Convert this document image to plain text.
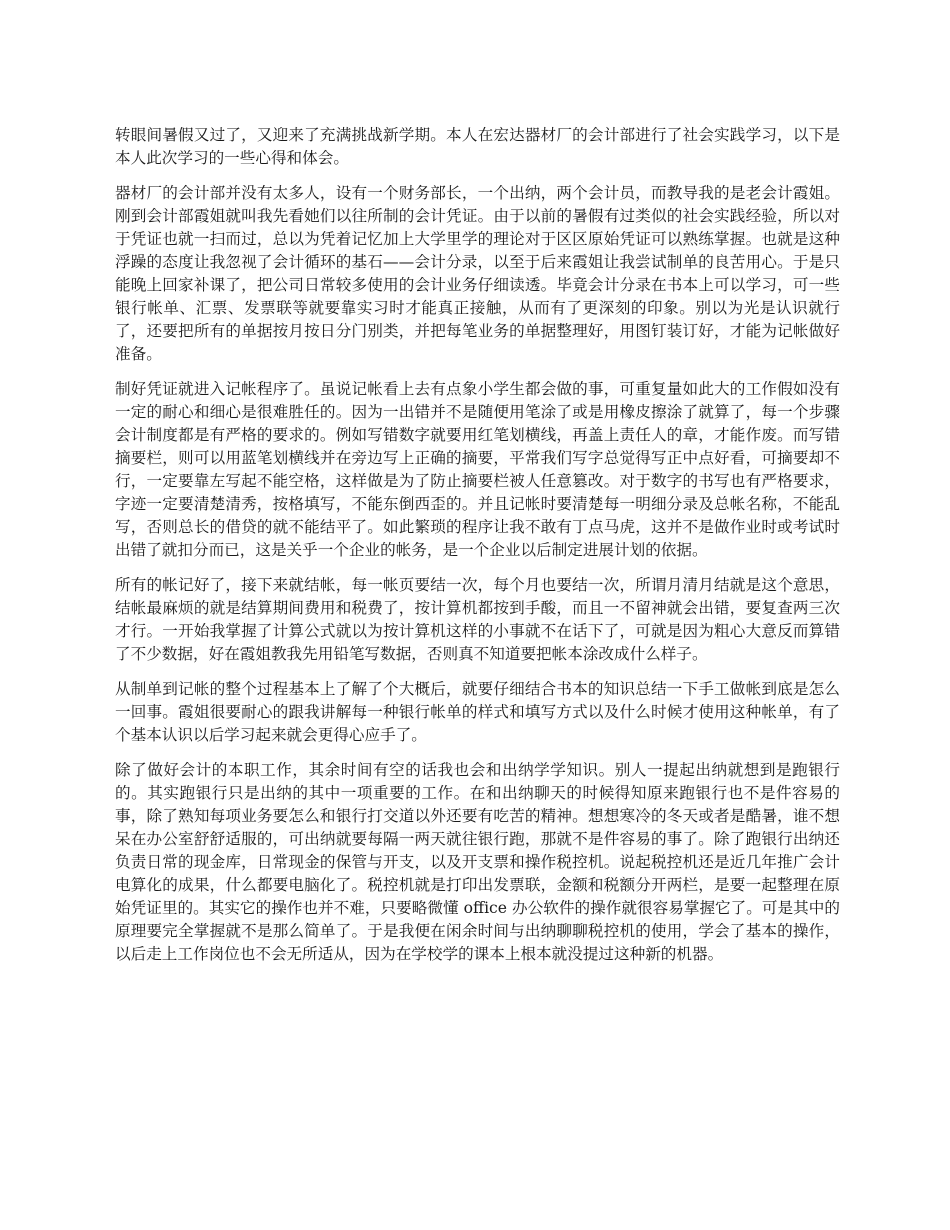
转眼间暑假又过了，又迎来了充满挑战新学期。本人在宏达器材厂的会计部进行了社会实践学习，以下是本人此次学习的一些心得和体会。

器材厂的会计部并没有太多人，设有一个财务部长，一个出纳，两个会计员，而教导我的是老会计霞姐。刚到会计部霞姐就叫我先看她们以往所制的会计凭证。由于以前的暑假有过类似的社会实践经验，所以对于凭证也就一扫而过，总以为凭着记忆加上大学里学的理论对于区区原始凭证可以熟练掌握。也就是这种浮躁的态度让我忽视了会计循环的基石——会计分录，以至于后来霞姐让我尝试制单的良苦用心。于是只能晚上回家补课了，把公司日常较多使用的会计业务仔细读透。毕竟会计分录在书本上可以学习，可一些银行帐单、汇票、发票联等就要靠实习时才能真正接触，从而有了更深刻的印象。别以为光是认识就行了，还要把所有的单据按月按日分门别类，并把每笔业务的单据整理好，用图钉装订好，才能为记帐做好准备。

制好凭证就进入记帐程序了。虽说记帐看上去有点象小学生都会做的事，可重复量如此大的工作假如没有一定的耐心和细心是很难胜任的。因为一出错并不是随便用笔涂了或是用橡皮擦涂了就算了，每一个步骤会计制度都是有严格的要求的。例如写错数字就要用红笔划横线，再盖上责任人的章，才能作废。而写错摘要栏，则可以用蓝笔划横线并在旁边写上正确的摘要，平常我们写字总觉得写正中点好看，可摘要却不行，一定要靠左写起不能空格，这样做是为了防止摘要栏被人任意篡改。对于数字的书写也有严格要求，字迹一定要清楚清秀，按格填写，不能东倒西歪的。并且记帐时要清楚每一明细分录及总帐名称，不能乱写，否则总长的借贷的就不能结平了。如此繁琐的程序让我不敢有丁点马虎，这并不是做作业时或考试时出错了就扣分而已，这是关乎一个企业的帐务，是一个企业以后制定进展计划的依据。

所有的帐记好了，接下来就结帐，每一帐页要结一次，每个月也要结一次，所谓月清月结就是这个意思，结帐最麻烦的就是结算期间费用和税费了，按计算机都按到手酸，而且一不留神就会出错，要复查两三次才行。一开始我掌握了计算公式就以为按计算机这样的小事就不在话下了，可就是因为粗心大意反而算错了不少数据，好在霞姐教我先用铅笔写数据，否则真不知道要把帐本涂改成什么样子。

从制单到记帐的整个过程基本上了解了个大概后，就要仔细结合书本的知识总结一下手工做帐到底是怎么一回事。霞姐很要耐心的跟我讲解每一种银行帐单的样式和填写方式以及什么时候才使用这种帐单，有了个基本认识以后学习起来就会更得心应手了。

除了做好会计的本职工作，其余时间有空的话我也会和出纳学学知识。别人一提起出纳就想到是跑银行的。其实跑银行只是出纳的其中一项重要的工作。在和出纳聊天的时候得知原来跑银行也不是件容易的事，除了熟知每项业务要怎么和银行打交道以外还要有吃苦的精神。想想寒冷的冬天或者是酷暑，谁不想呆在办公室舒舒适服的，可出纳就要每隔一两天就往银行跑，那就不是件容易的事了。除了跑银行出纳还负责日常的现金库，日常现金的保管与开支，以及开支票和操作税控机。说起税控机还是近几年推广会计电算化的成果，什么都要电脑化了。税控机就是打印出发票联，金额和税额分开两栏，是要一起整理在原始凭证里的。其实它的操作也并不难，只要略微懂 office 办公软件的操作就很容易掌握它了。可是其中的原理要完全掌握就不是那么简单了。于是我便在闲余时间与出纳聊聊税控机的使用，学会了基本的操作，以后走上工作岗位也不会无所适从，因为在学校学的课本上根本就没提过这种新的机器。
